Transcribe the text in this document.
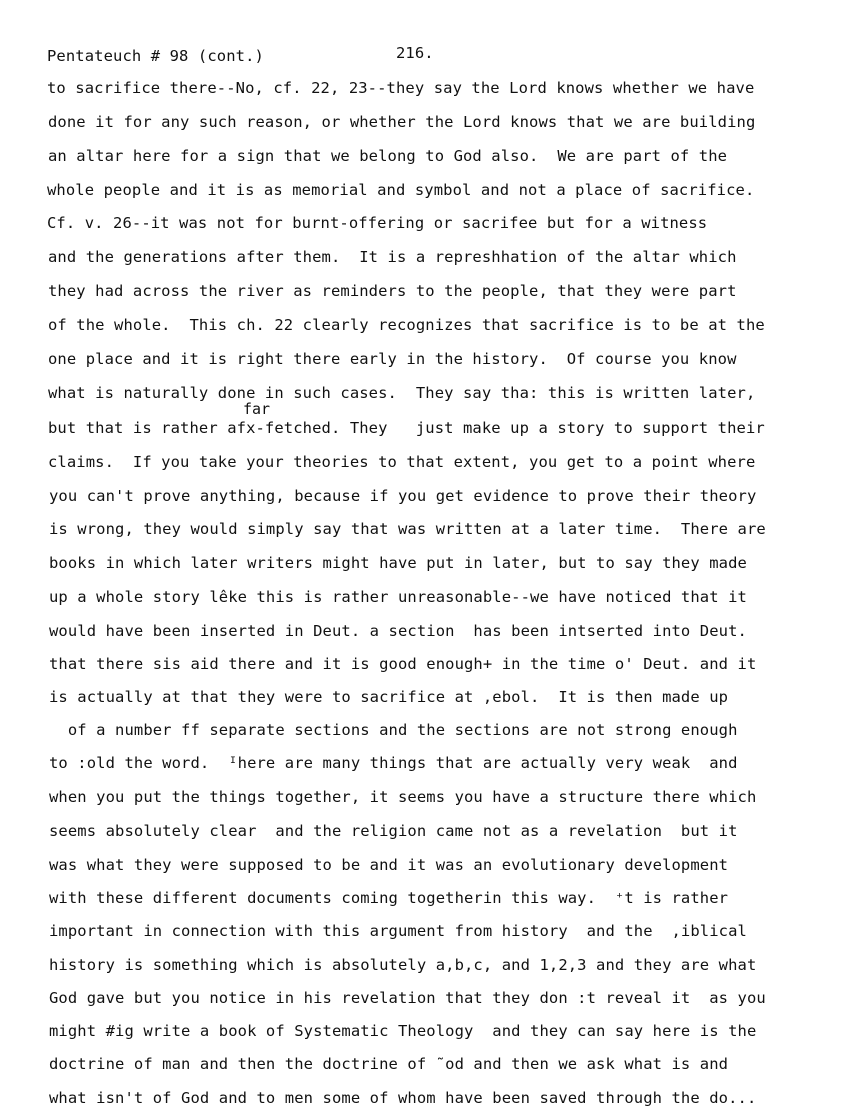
Pentateuch # 98 (cont.)	216.
far
to sacrifice there--No, cf. 22, 23--they say the Lord knows whether we have
done it for any such reason, or whether the Lord knows that we are building
an altar here for a sign that we belong to God also.  We are part of the
whole people and it is as memorial and symbol and not a place of sacrifice.
Cf. v. 26--it was not for burnt-offering or sacrifee but for a witness
and the generations after them.  It is a represhhation of the altar which
they had across the river as reminders to the people, that they were part
of the whole.  This ch. 22 clearly recognizes that sacrifice is to be at the
one place and it is right there early in the history.  Of course you know
what is naturally done in such cases.  They say tha: this is written later,
but that is rather afx-fetched. They   just make up a story to support their
claims.  If you take your theories to that extent, you get to a point where
you can't prove anything, because if you get evidence to prove their theory
is wrong, they would simply say that was written at a later time.  There are
books in which later writers might have put in later, but to say they made
up a whole story lêke this is rather unreasonable--we have noticed that it
would have been inserted in Deut. a section  has been intserted into Deut.
that there sis aid there and it is good enough+ in the time o' Deut. and it
is actually at that they were to sacrifice at ,ebol.  It is then made up
of a number ff separate sections and the sections are not strong enough
to :old the word.  ᴵhere are many things that are actually very weak  and
when you put the things together, it seems you have a structure there which
seems absolutely clear  and the religion came not as a revelation  but it
was what they were supposed to be and it was an evolutionary development
with these different documents coming togetherin this way.  ⁺t is rather
important in connection with this argument from history  and the  ,iblical
history is something which is absolutely a,b,c, and 1,2,3 and they are what
God gave but you notice in his revelation that they don :t reveal it  as you
might #ig write a book of Systematic Theology  and they can say here is the
doctrine of man and then the doctrine of ˜od and then we ask what is and
what isn't of God and to men some of whom have been saved through the do...
